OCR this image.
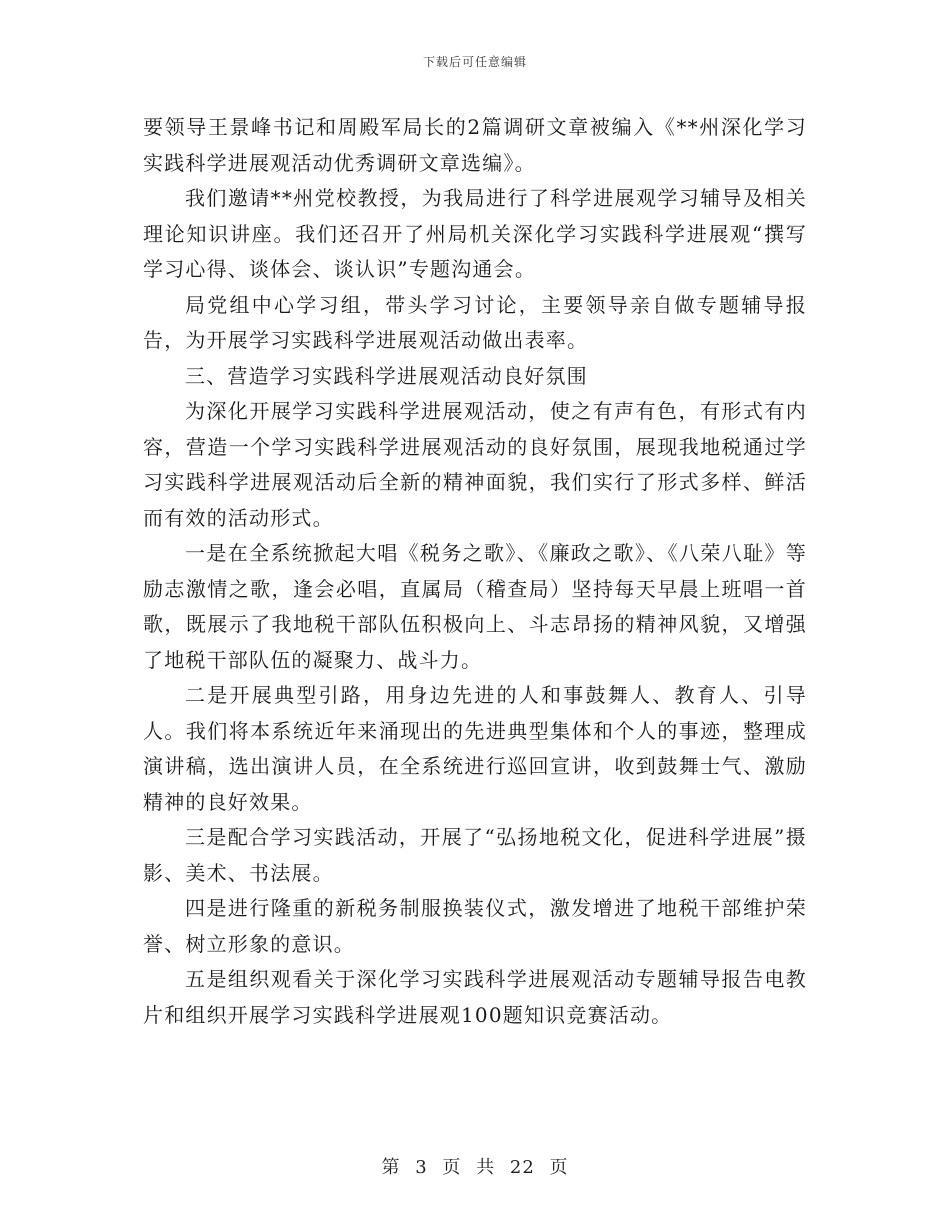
下载后可任意编辑

要领导王景峰书记和周殿军局长的2篇调研文章被编入《**州深化学习实践科学进展观活动优秀调研文章选编》。

我们邀请**州党校教授，为我局进行了科学进展观学习辅导及相关理论知识讲座。我们还召开了州局机关深化学习实践科学进展观“撰写学习心得、谈体会、谈认识”专题沟通会。

局党组中心学习组，带头学习讨论，主要领导亲自做专题辅导报告，为开展学习实践科学进展观活动做出表率。

三、营造学习实践科学进展观活动良好氛围

为深化开展学习实践科学进展观活动，使之有声有色，有形式有内容，营造一个学习实践科学进展观活动的良好氛围，展现我地税通过学习实践科学进展观活动后全新的精神面貌，我们实行了形式多样、鲜活而有效的活动形式。

一是在全系统掀起大唱《税务之歌》、《廉政之歌》、《八荣八耻》等励志激情之歌，逢会必唱，直属局（稽查局）坚持每天早晨上班唱一首歌，既展示了我地税干部队伍积极向上、斗志昂扬的精神风貌，又增强了地税干部队伍的凝聚力、战斗力。

二是开展典型引路，用身边先进的人和事鼓舞人、教育人、引导人。我们将本系统近年来涌现出的先进典型集体和个人的事迹，整理成演讲稿，选出演讲人员，在全系统进行巡回宣讲，收到鼓舞士气、激励精神的良好效果。

三是配合学习实践活动，开展了“弘扬地税文化，促进科学进展”摄影、美术、书法展。

四是进行隆重的新税务制服换装仪式，激发增进了地税干部维护荣誉、树立形象的意识。

五是组织观看关于深化学习实践科学进展观活动专题辅导报告电教片和组织开展学习实践科学进展观100题知识竞赛活动。

第 3 页 共 22 页
